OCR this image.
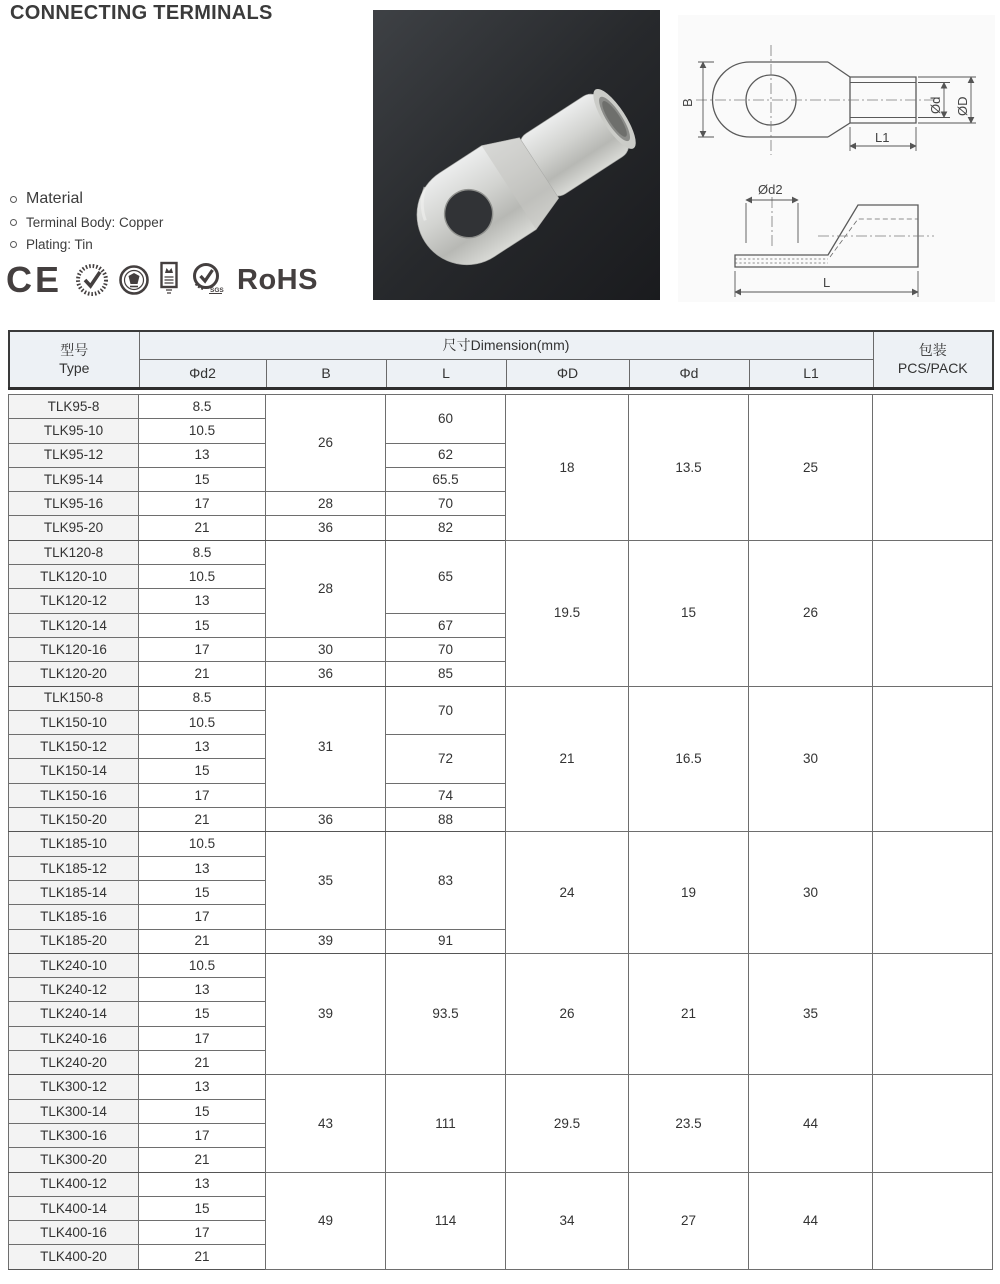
CONNECTING TERMINALS
B	Ød ØD
L1
Ød2
L
Material
Terminal Body: Copper
Plating: Tin
CE	SGS RoHS
型号
Type
	尺寸Dimension(mm)	包装
PCS/PACK

	Φd2	B	L	ΦD	Φd	L1	
TLK95-8	8.5	26	60	18	13.5	25	
TLK95-10	10.5						
TLK95-12	13		62				
TLK95-14	15		65.5				
TLK95-16	17	28	70				
TLK95-20	21	36	82				
TLK120-8	8.5	28	65	19.5	15	26	
TLK120-10	10.5						
TLK120-12	13						
TLK120-14	15		67				
TLK120-16	17	30	70				
TLK120-20	21	36	85				
TLK150-8	8.5	31	70	21	16.5	30	
TLK150-10	10.5						
TLK150-12	13		72				
TLK150-14	15						
TLK150-16	17		74				
TLK150-20	21	36	88				
TLK185-10	10.5	35	83	24	19	30	
TLK185-12	13						
TLK185-14	15						
TLK185-16	17						
TLK185-20	21	39	91				
TLK240-10	10.5	39	93.5	26	21	35	
TLK240-12	13						
TLK240-14	15						
TLK240-16	17						
TLK240-20	21						
TLK300-12	13	43	111	29.5	23.5	44	
TLK300-14	15						
TLK300-16	17						
TLK300-20	21						
TLK400-12	13	49	114	34	27	44	
TLK400-14	15						
TLK400-16	17						
TLK400-20	21						
